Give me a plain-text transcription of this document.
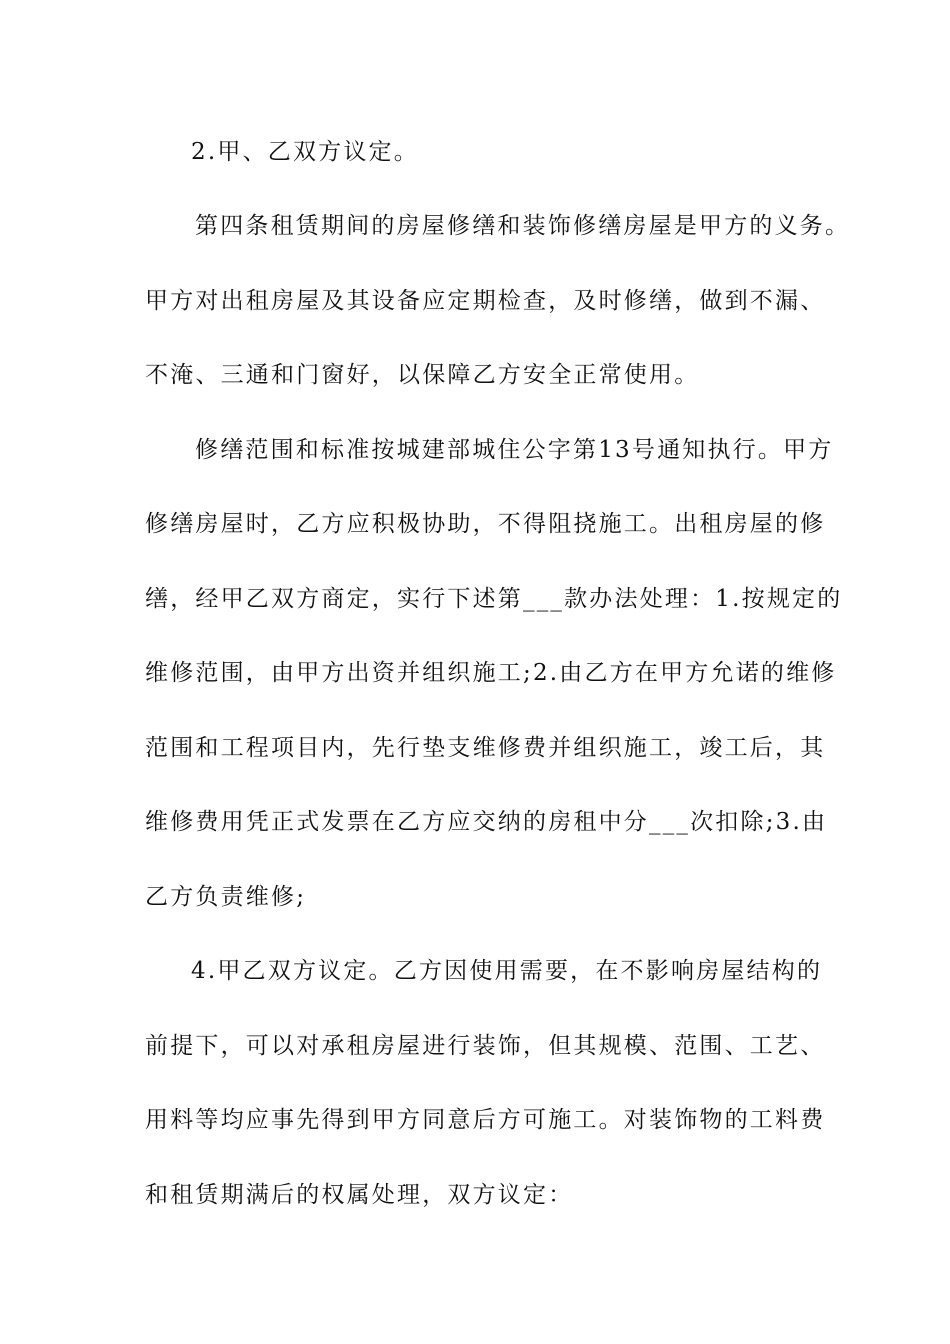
2.甲、乙双方议定。

第四条租赁期间的房屋修缮和装饰修缮房屋是甲方的义务。

甲方对出租房屋及其设备应定期检查，及时修缮，做到不漏、

不淹、三通和门窗好，以保障乙方安全正常使用。

修缮范围和标准按城建部城住公字第13号通知执行。甲方

修缮房屋时，乙方应积极协助，不得阻挠施工。出租房屋的修

缮，经甲乙双方商定，实行下述第___款办法处理：1.按规定的

维修范围，由甲方出资并组织施工;2.由乙方在甲方允诺的维修

范围和工程项目内，先行垫支维修费并组织施工，竣工后，其

维修费用凭正式发票在乙方应交纳的房租中分___次扣除;3.由

乙方负责维修;

4.甲乙双方议定。乙方因使用需要，在不影响房屋结构的

前提下，可以对承租房屋进行装饰，但其规模、范围、工艺、

用料等均应事先得到甲方同意后方可施工。对装饰物的工料费

和租赁期满后的权属处理，双方议定：
